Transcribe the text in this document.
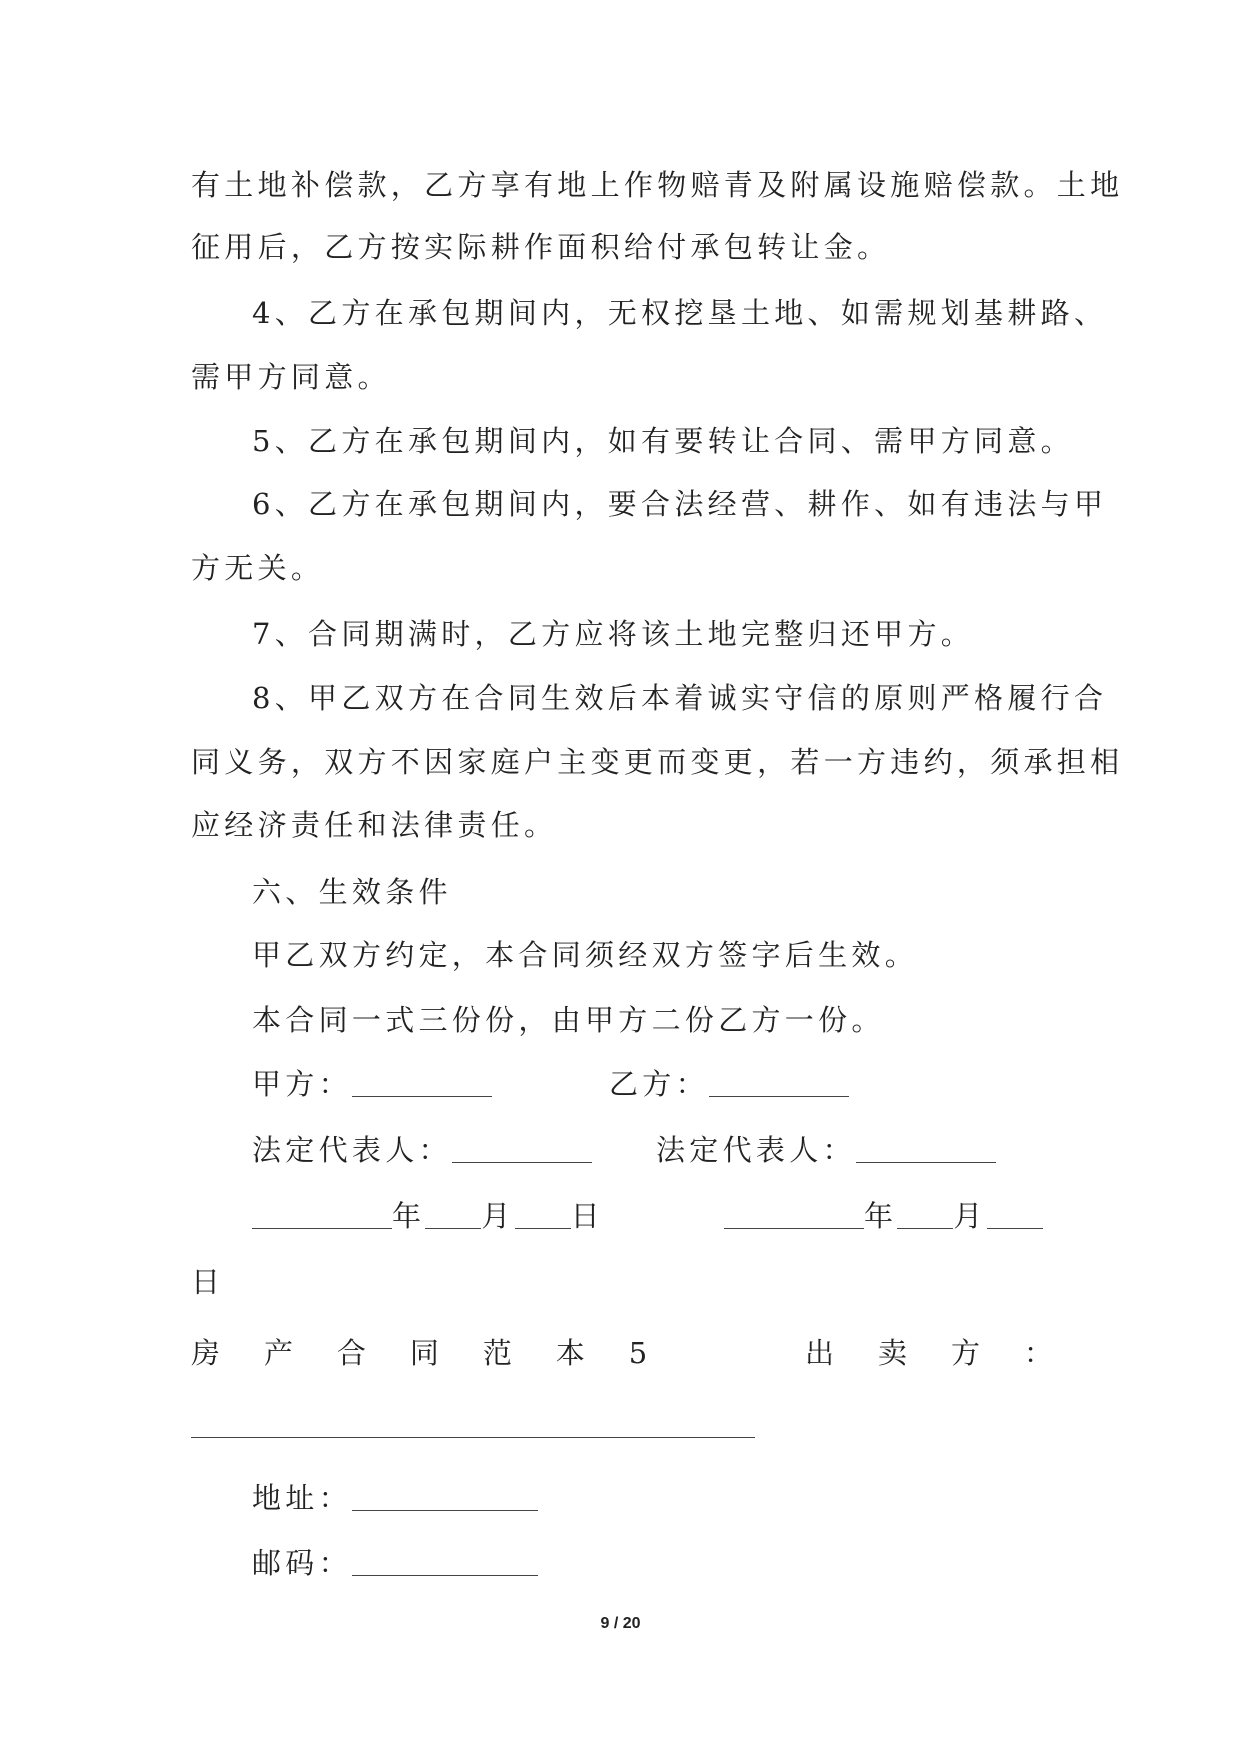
有土地补偿款，乙方享有地上作物赔青及附属设施赔偿款。土地
征用后，乙方按实际耕作面积给付承包转让金。
4、乙方在承包期间内，无权挖垦土地、如需规划基耕路、
需甲方同意。
5、乙方在承包期间内，如有要转让合同、需甲方同意。
6、乙方在承包期间内，要合法经营、耕作、如有违法与甲
方无关。
7、合同期满时，乙方应将该土地完整归还甲方。
8、甲乙双方在合同生效后本着诚实守信的原则严格履行合
同义务，双方不因家庭户主变更而变更，若一方违约，须承担相
应经济责任和法律责任。
六、生效条件
甲乙双方约定，本合同须经双方签字后生效。
本合同一式三份份，由甲方二份乙方一份。
甲方：	乙方：
法定代表人：	法定代表人：
年 月 日	年 月
日
房 产 合 同 范 本 5	出 卖 方 ：
地址：
邮码：
9 / 20
